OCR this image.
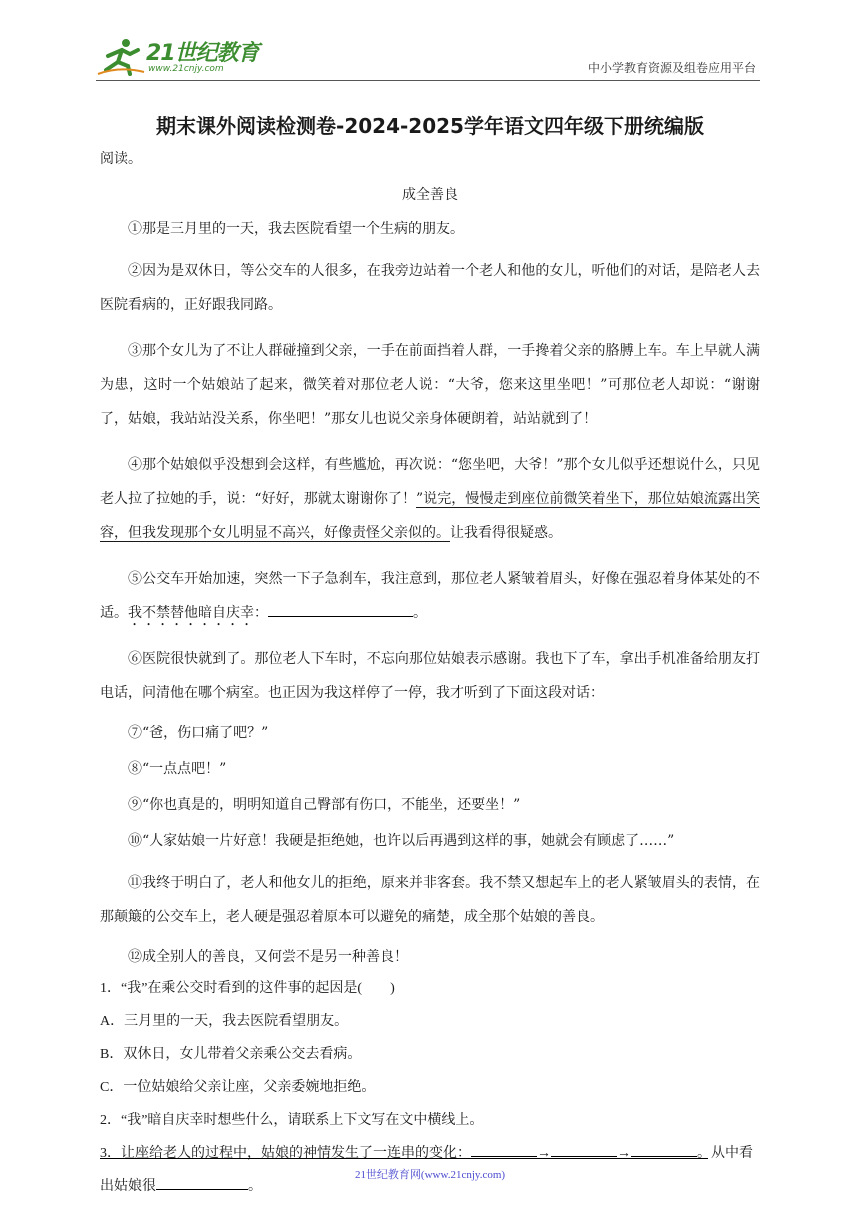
21世纪教育
www.21cnjy.com	中小学教育资源及组卷应用平台
期末课外阅读检测卷-2024-2025学年语文四年级下册统编版

阅读。

成全善良

①那是三月里的一天，我去医院看望一个生病的朋友。

②因为是双休日，等公交车的人很多，在我旁边站着一个老人和他的女儿，听他们的对话，是陪老人去医院看病的，正好跟我同路。

③那个女儿为了不让人群碰撞到父亲，一手在前面挡着人群，一手搀着父亲的胳膊上车。车上早就人满为患，这时一个姑娘站了起来，微笑着对那位老人说：“大爷，您来这里坐吧！”可那位老人却说：“谢谢了，姑娘，我站站没关系，你坐吧！”那女儿也说父亲身体硬朗着，站站就到了！

④那个姑娘似乎没想到会这样，有些尴尬，再次说：“您坐吧，大爷！”那个女儿似乎还想说什么，只见老人拉了拉她的手，说：“好好，那就太谢谢你了！”说完，慢慢走到座位前微笑着坐下，那位姑娘流露出笑容，但我发现那个女儿明显不高兴，好像责怪父亲似的。让我看得很疑惑。

⑤公交车开始加速，突然一下子急刹车，我注意到，那位老人紧皱着眉头，好像在强忍着身体某处的不适。我不禁替他暗自庆幸：	。

⑥医院很快就到了。那位老人下车时，不忘向那位姑娘表示感谢。我也下了车，拿出手机准备给朋友打电话，问清他在哪个病室。也正因为我这样停了一停，我才听到了下面这段对话：

⑦“爸，伤口痛了吧？”

⑧“一点点吧！”

⑨“你也真是的，明明知道自己臀部有伤口，不能坐，还要坐！”

⑩“人家姑娘一片好意！我硬是拒绝她，也许以后再遇到这样的事，她就会有顾虑了……”

⑪我终于明白了，老人和他女儿的拒绝，原来并非客套。我不禁又想起车上的老人紧皱眉头的表情，在那颠簸的公交车上，老人硬是强忍着原本可以避免的痛楚，成全那个姑娘的善良。

⑫成全别人的善良，又何尝不是另一种善良！

1．“我”在乘公交时看到的这件事的起因是(　　)

A．三月里的一天，我去医院看望朋友。

B．双休日，女儿带着父亲乘公交去看病。

C．一位姑娘给父亲让座，父亲委婉地拒绝。

2．“我”暗自庆幸时想些什么，请联系上下文写在文中横线上。

3．让座给老人的过程中，姑娘的神情发生了一连串的变化：	→	→	。从中看出姑娘很	。

21世纪教育网(www.21cnjy.com)
